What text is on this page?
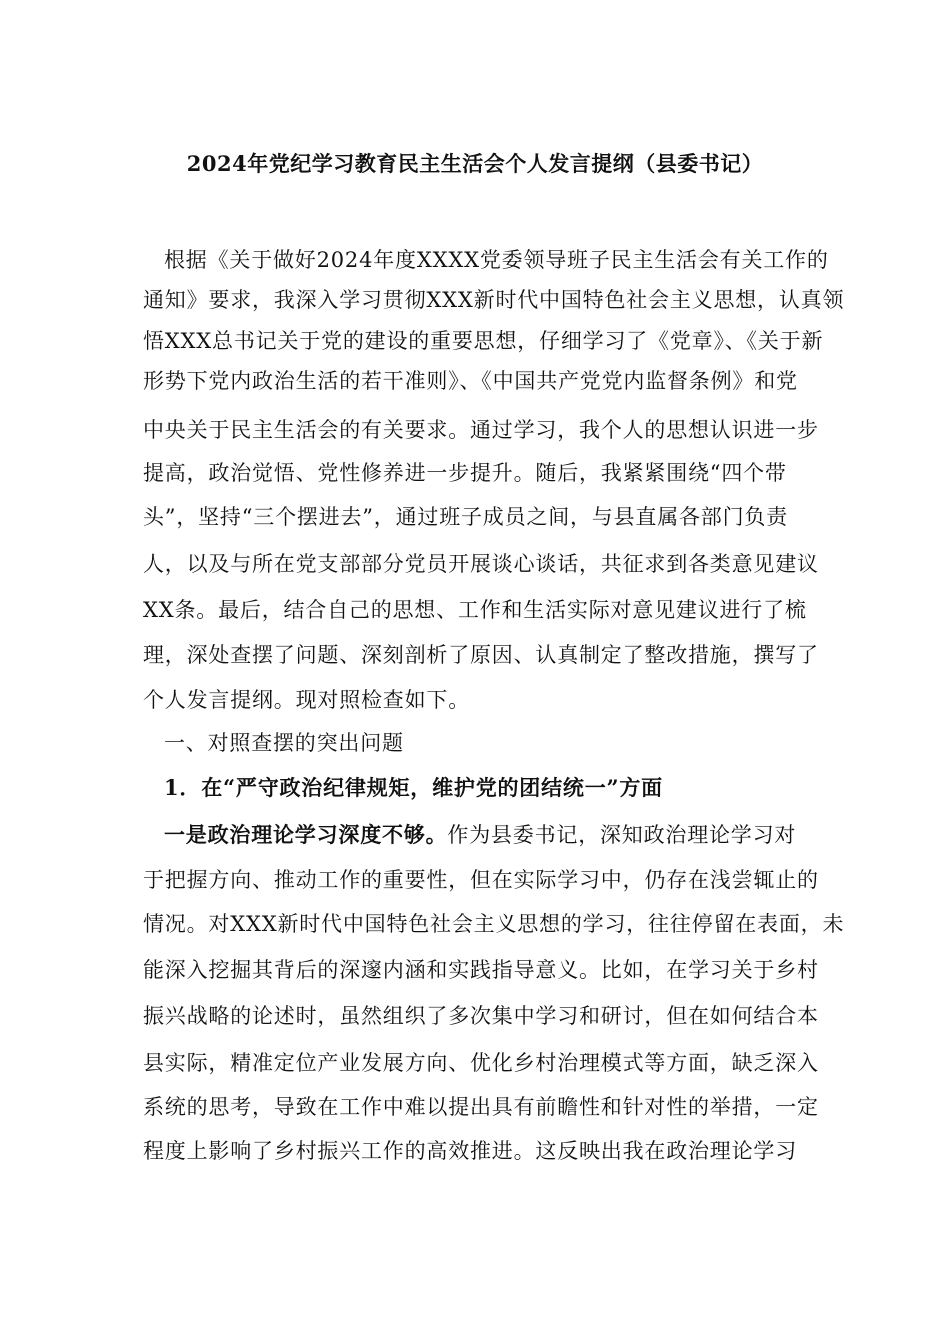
2024年党纪学习教育民主生活会个人发言提纲（县委书记）
根据《关于做好2024年度XXXX党委领导班子民主生活会有关工作的
通知》要求，我深入学习贯彻XXX新时代中国特色社会主义思想，认真领
悟XXX总书记关于党的建设的重要思想，仔细学习了《党章》、《关于新
形势下党内政治生活的若干准则》、《中国共产党党内监督条例》和党
中央关于民主生活会的有关要求。通过学习，我个人的思想认识进一步
提高，政治觉悟、党性修养进一步提升。随后，我紧紧围绕“四个带
头”，坚持“三个摆进去”，通过班子成员之间，与县直属各部门负责
人，以及与所在党支部部分党员开展谈心谈话，共征求到各类意见建议
XX条。最后，结合自己的思想、工作和生活实际对意见建议进行了梳
理，深处查摆了问题、深刻剖析了原因、认真制定了整改措施，撰写了
个人发言提纲。现对照检查如下。
一、对照查摆的突出问题
1．在“严守政治纪律规矩，维护党的团结统一”方面
一是政治理论学习深度不够。作为县委书记，深知政治理论学习对
于把握方向、推动工作的重要性，但在实际学习中，仍存在浅尝辄止的
情况。对XXX新时代中国特色社会主义思想的学习，往往停留在表面，未
能深入挖掘其背后的深邃内涵和实践指导意义。比如，在学习关于乡村
振兴战略的论述时，虽然组织了多次集中学习和研讨，但在如何结合本
县实际，精准定位产业发展方向、优化乡村治理模式等方面，缺乏深入
系统的思考，导致在工作中难以提出具有前瞻性和针对性的举措，一定
程度上影响了乡村振兴工作的高效推进。这反映出我在政治理论学习
